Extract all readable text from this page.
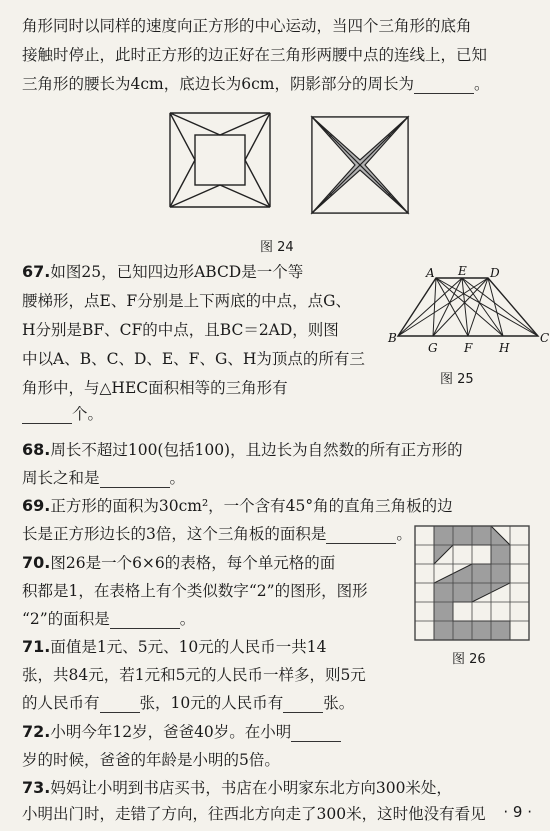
角形同时以同样的速度向正方形的中心运动，当四个三角形的底角
接触时停止，此时正方形的边正好在三角形两腰中点的连线上，已知
三角形的腰长为4cm，底边长为6cm，阴影部分的周长为	。
图 24
67.如图25，已知四边形ABCD是一个等
腰梯形，点E、F分别是上下两底的中点，点G、
H分别是BF、CF的中点，且BC＝2AD，则图
中以A、B、C、D、E、F、G、H为顶点的所有三
角形中，与△HEC面积相等的三角形有
个。
A E D
B
G F H
C
图 25
68.周长不超过100(包括100)，且边长为自然数的所有正方形的
周长之和是	。
69.正方形的面积为30cm²，一个含有45°角的直角三角板的边
长是正方形边长的3倍，这个三角板的面积是	。
70.图26是一个6×6的表格，每个单元格的面
积都是1，在表格上有个类似数字“2”的图形，图形
“2”的面积是	。
图 26
71.面值是1元、5元、10元的人民币一共14
张，共84元，若1元和5元的人民币一样多，则5元
的人民币有	张，10元的人民币有	张。
72.小明今年12岁，爸爸40岁。在小明
岁的时候，爸爸的年龄是小明的5倍。
73.妈妈让小明到书店买书，书店在小明家东北方向300米处，
小明出门时，走错了方向，往西北方向走了300米，这时他没有看见 · 9 ·
